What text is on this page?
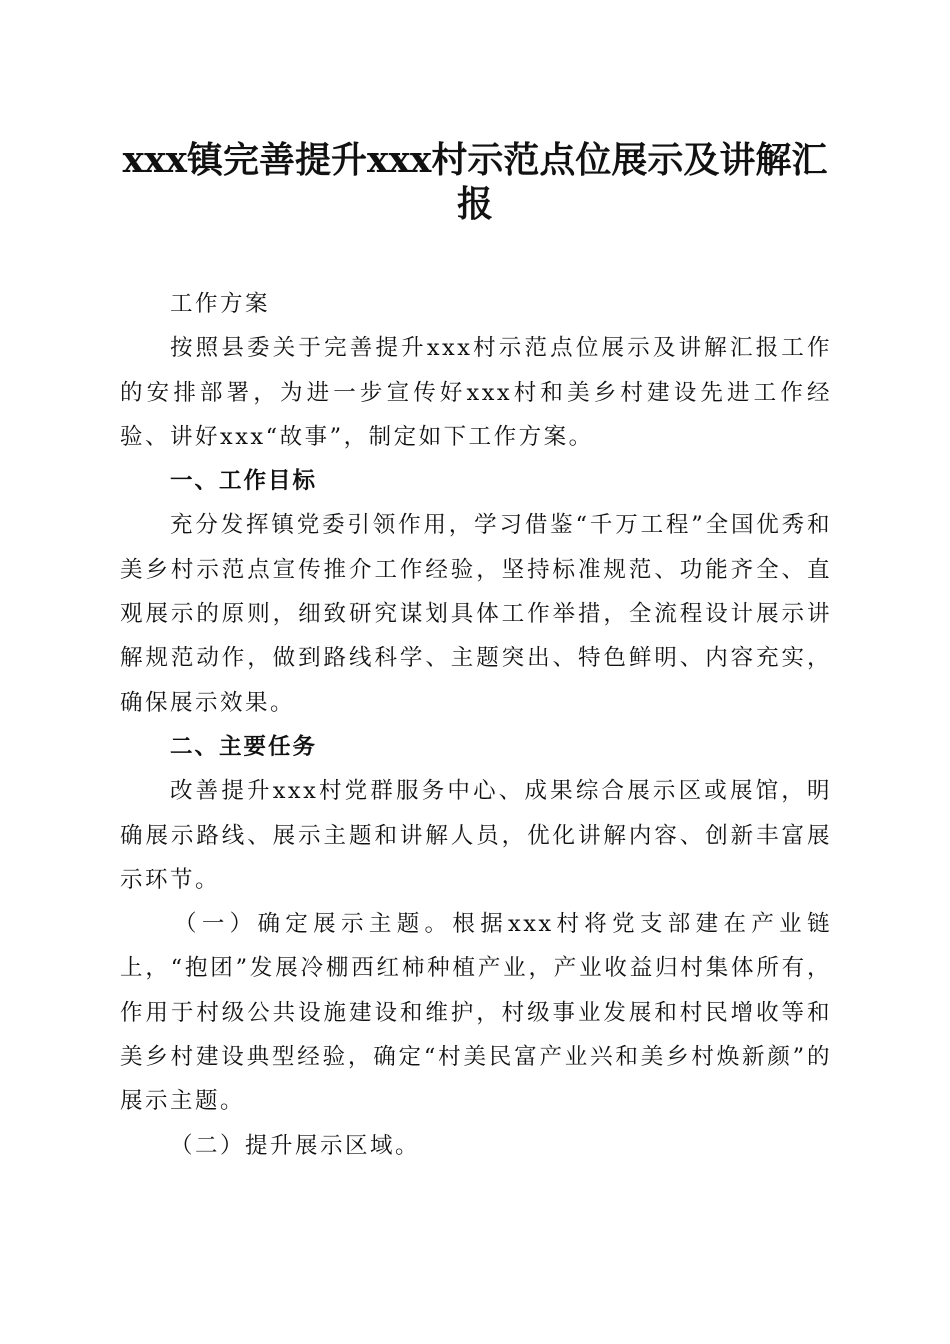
xxx镇完善提升xxx村示范点位展示及讲解汇
报

工作方案

按照县委关于完善提升xxx村示范点位展示及讲解汇报工作的安排部署，为进一步宣传好xxx村和美乡村建设先进工作经验、讲好xxx“故事”，制定如下工作方案。

一、工作目标

充分发挥镇党委引领作用，学习借鉴“千万工程”全国优秀和美乡村示范点宣传推介工作经验，坚持标准规范、功能齐全、直观展示的原则，细致研究谋划具体工作举措，全流程设计展示讲解规范动作，做到路线科学、主题突出、特色鲜明、内容充实，确保展示效果。

二、主要任务

改善提升xxx村党群服务中心、成果综合展示区或展馆，明确展示路线、展示主题和讲解人员，优化讲解内容、创新丰富展示环节。

（一）确定展示主题。根据xxx村将党支部建在产业链上，“抱团”发展冷棚西红柿种植产业，产业收益归村集体所有，作用于村级公共设施建设和维护，村级事业发展和村民增收等和美乡村建设典型经验，确定“村美民富产业兴和美乡村焕新颜”的展示主题。

（二）提升展示区域。
